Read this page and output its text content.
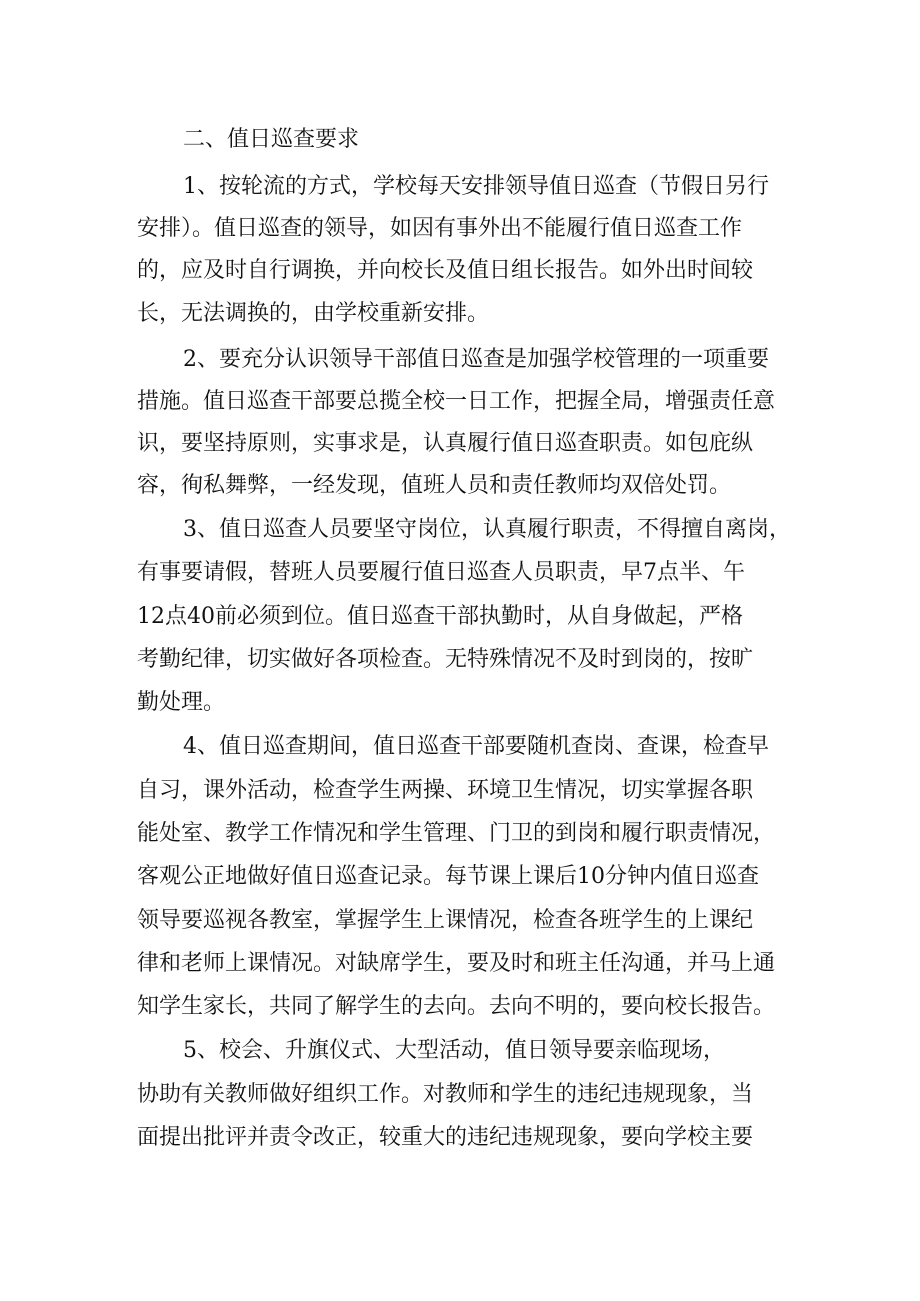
二、值日巡查要求
1、按轮流的方式，学校每天安排领导值日巡查（节假日另行
安排）。值日巡查的领导，如因有事外出不能履行值日巡查工作
的，应及时自行调换，并向校长及值日组长报告。如外出时间较
长，无法调换的，由学校重新安排。
2、要充分认识领导干部值日巡查是加强学校管理的一项重要
措施。值日巡查干部要总揽全校一日工作，把握全局，增强责任意
识，要坚持原则，实事求是，认真履行值日巡查职责。如包庇纵
容，徇私舞弊，一经发现，值班人员和责任教师均双倍处罚。
3、值日巡查人员要坚守岗位，认真履行职责，不得擅自离岗，
有事要请假，替班人员要履行值日巡查人员职责，早7点半、午
12点40前必须到位。值日巡查干部执勤时，从自身做起，严格
考勤纪律，切实做好各项检查。无特殊情况不及时到岗的，按旷
勤处理。
4、值日巡查期间，值日巡查干部要随机查岗、查课，检查早
自习，课外活动，检查学生两操、环境卫生情况，切实掌握各职
能处室、教学工作情况和学生管理、门卫的到岗和履行职责情况，
客观公正地做好值日巡查记录。每节课上课后10分钟内值日巡查
领导要巡视各教室，掌握学生上课情况，检查各班学生的上课纪
律和老师上课情况。对缺席学生，要及时和班主任沟通，并马上通
知学生家长，共同了解学生的去向。去向不明的，要向校长报告。
5、校会、升旗仪式、大型活动，值日领导要亲临现场，
协助有关教师做好组织工作。对教师和学生的违纪违规现象，当
面提出批评并责令改正，较重大的违纪违规现象，要向学校主要
